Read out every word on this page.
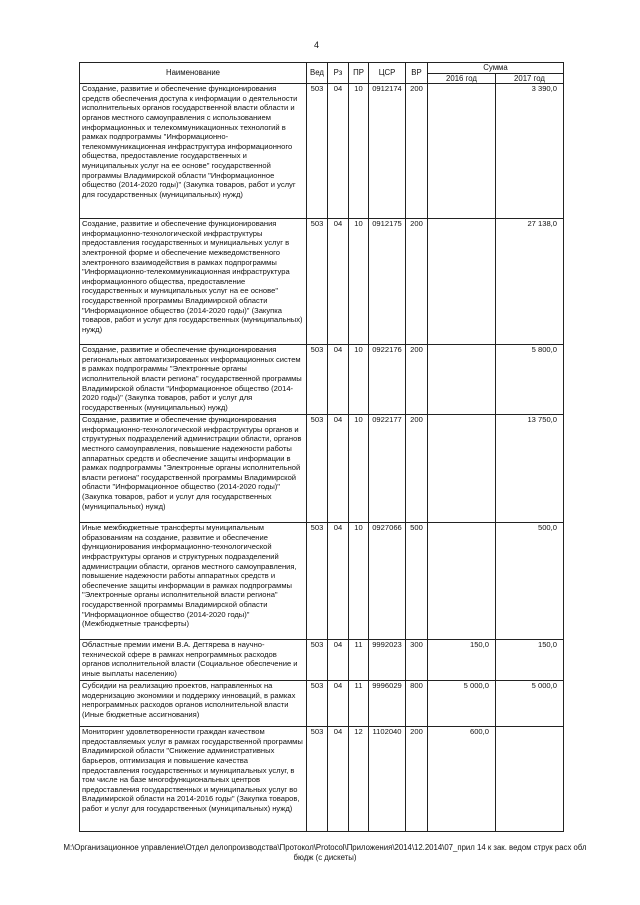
4
Наименование	Вед	Рз	ПР	ЦСР	ВР	Сумма	
						2016 год	2017 год
Создание, развитие и обеспечение функционирования средств обеспечения доступа к информации о деятельности исполнительных органов государственной власти области и органов местного самоуправления с использованием информационных и телекоммуникационных технологий в рамках подпрограммы "Информационно-телекоммуникационная инфраструктура информационного общества, предоставление государственных и муниципальных услуг на ее основе" государственной программы Владимирской области "Информационное общество (2014-2020 годы)" (Закупка товаров, работ и услуг для государственных (муниципальных) нужд)	503	04	10	0912174	200		3 390,0
Создание, развитие и обеспечение функционирования информационно-технологической инфраструктуры предоставления государственных и мунициальных услуг в электронной форме и обеспечение межведомственного электронного взаимодействия в рамках подпрограммы "Информационно-телекоммуникационная инфраструктура информационного общества, предоставление государственных и муниципальных услуг на ее основе" государственной программы Владимирской области "Информационное общество (2014-2020 годы)" (Закупка товаров, работ и услуг для государственных (муниципальных) нужд)	503	04	10	0912175	200		27 138,0
Создание, развитие и обеспечение функционирования региональных автоматизированных информационных систем в рамках подпрограммы "Электронные органы исполнительной власти региона" государственной программы Владимирской области "Информационное общество (2014-2020 годы)" (Закупка товаров, работ и услуг для государственных (муниципальных) нужд)	503	04	10	0922176	200		5 800,0
Создание, развитие и обеспечение функционирования информационно-технологической инфраструктуры органов и структурных подразделений администрации области, органов местного самоуправления, повышение надежности работы аппаратных средств и обеспечение защиты информации в рамках подпрограммы "Электронные органы исполнительной власти региона" государственной программы Владимирской области "Информационное общество (2014-2020 годы)" (Закупка товаров, работ и услуг для государственных (муниципальных) нужд)	503	04	10	0922177	200		13 750,0
Иные межбюджетные трансферты муниципальным образованиям на создание, развитие и обеспечение функционирования информационно-технологической инфраструктуры органов и структурных подразделений администрации области, органов местного самоуправления, повышение надежности работы аппаратных средств и обеспечение защиты информации в рамках подпрограммы "Электронные органы исполнительной власти региона" государственной программы Владимирской области "Информационное общество (2014-2020 годы)" (Межбюджетные трансферты)	503	04	10	0927066	500		500,0
Областные премии имени В.А. Дегтярева в научно-технической сфере в рамках непрограммных расходов органов исполнительной власти (Социальное обеспечение и иные выплаты населению)	503	04	11	9992023	300	150,0	150,0
Субсидии на реализацию проектов, направленных на модернизацию экономики и поддержку инноваций, в рамках непрограммных расходов органов исполнительной власти (Иные бюджетные ассигнования)	503	04	11	9996029	800	5 000,0	5 000,0
Мониторинг удовлетворенности граждан качеством предоставляемых услуг в рамках государственной программы Владимирской области "Снижение административных барьеров, оптимизация и повышение качества предоставления государственных и муниципальных услуг, в том числе на базе многофункциональных центров предоставления государственных и муниципальных услуг во Владимирской области на 2014-2016 годы" (Закупка товаров, работ и услуг для государственных (муниципальных) нужд)	503	04	12	1102040	200	600,0	
M:\Организационное управление\Отдел делопроизводства\Протокол\Protocol\Приложения\2014\12.2014\07_прил 14 к зак. ведом струк расх обл бюдж (с дискеты)
